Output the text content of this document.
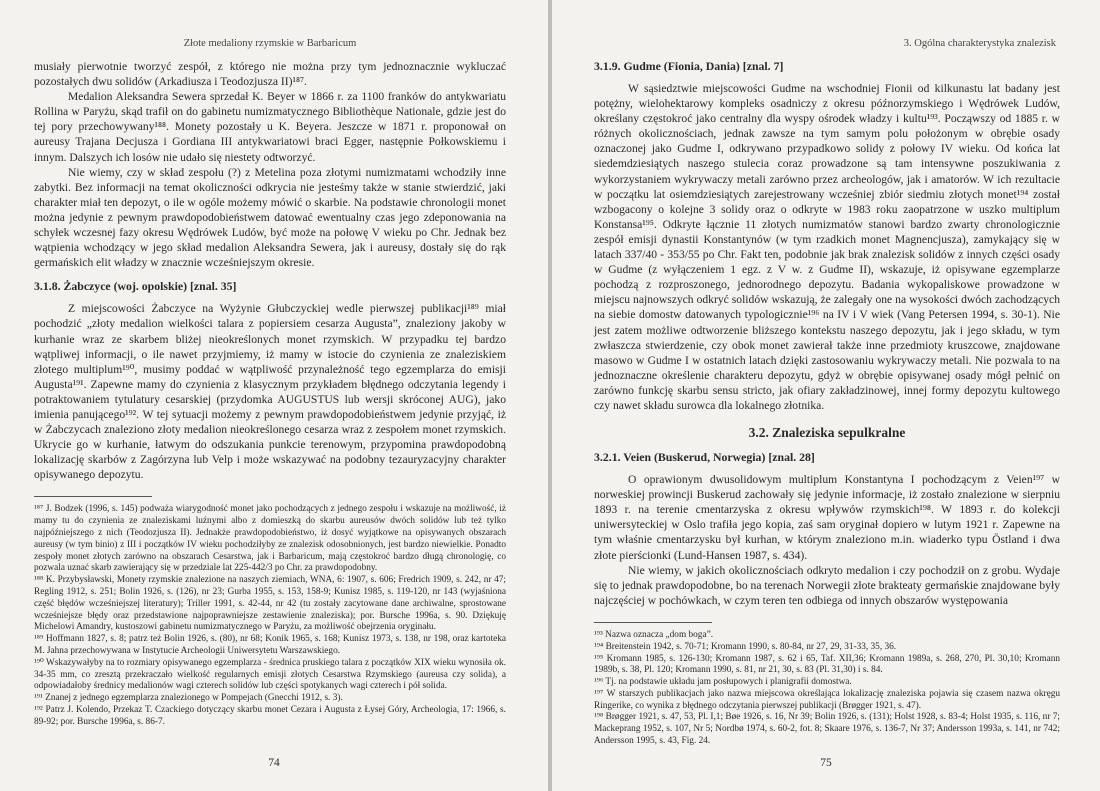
Złote medaliony rzymskie w Barbaricum

musiały pierwotnie tworzyć zespół, z którego nie można przy tym jednoznacznie wykluczać pozostałych dwu solidów (Arkadiusza i Teodozjusza II)¹⁸⁷.

Medalion Aleksandra Sewera sprzedał K. Beyer w 1866 r. za 1100 franków do antykwariatu Rollina w Paryżu, skąd trafił on do gabinetu numizmatycznego Bibliothèque Nationale, gdzie jest do tej pory przechowywany¹⁸⁸. Monety pozostały u K. Beyera. Jeszcze w 1871 r. proponował on aureusy Trajana Decjusza i Gordiana III antykwariatowi braci Egger, następnie Połkowskiemu i innym. Dalszych ich losów nie udało się niestety odtworzyć.

Nie wiemy, czy w skład zespołu (?) z Metelina poza złotymi numizmatami wchodziły inne zabytki. Bez informacji na temat okoliczności odkrycia nie jesteśmy także w stanie stwierdzić, jaki charakter miał ten depozyt, o ile w ogóle możemy mówić o skarbie. Na podstawie chronologii monet można jedynie z pewnym prawdopodobieństwem datować ewentualny czas jego zdeponowania na schyłek wczesnej fazy okresu Wędrówek Ludów, być może na połowę V wieku po Chr. Jednak bez wątpienia wchodzący w jego skład medalion Aleksandra Sewera, jak i aureusy, dostały się do rąk germańskich elit władzy w znacznie wcześniejszym okresie.

3.1.8. Żabczyce (woj. opolskie) [znal. 35]

Z miejscowości Żabczyce na Wyżynie Głubczyckiej wedle pierwszej publikacji¹⁸⁹ miał pochodzić „złoty medalion wielkości talara z popiersiem cesarza Augusta”, znaleziony jakoby w kurhanie wraz ze skarbem bliżej nieokreślonych monet rzymskich. W przypadku tej bardzo wątpliwej informacji, o ile nawet przyjmiemy, iż mamy w istocie do czynienia ze znaleziskiem złotego multiplum¹⁹⁰, musimy poddać w wątpliwość przynależność tego egzemplarza do emisji Augusta¹⁹¹. Zapewne mamy do czynienia z klasycznym przykładem błędnego odczytania legendy i potraktowaniem tytulatury cesarskiej (przydomka AUGUSTUS lub wersji skróconej AUG), jako imienia panującego¹⁹². W tej sytuacji możemy z pewnym prawdopodobieństwem jedynie przyjąć, iż w Żabczycach znaleziono złoty medalion nieokreślonego cesarza wraz z zespołem monet rzymskich. Ukrycie go w kurhanie, łatwym do odszukania punkcie terenowym, przypomina prawdopodobną lokalizację skarbów z Zagórzyna lub Velp i może wskazywać na podobny tezauryzacyjny charakter opisywanego depozytu.

¹⁸⁷ J. Bodzek (1996, s. 145) podważa wiarygodność monet jako pochodzących z jednego zespołu i wskazuje na możliwość, iż mamy tu do czynienia ze znaleziskami luźnymi albo z domieszką do skarbu aureusów dwóch solidów lub też tylko najpóźniejszego z nich (Teodozjusza II). Jednakże prawdopodobieństwo, iż dosyć wyjątkowe na opisywanych obszarach aureusy (w tym binio) z III i początków IV wieku pochodziłyby ze znalezisk odosobnionych, jest bardzo niewielkie. Ponadto zespoły monet złotych zarówno na obszarach Cesarstwa, jak i Barbaricum, mają częstokroć bardzo długą chronologię, co pozwala uznać skarb zawierający się w przedziale lat 225-442/3 po Chr. za prawdopodobny.

¹⁸⁸ K. Przybysławski, Monety rzymskie znalezione na naszych ziemiach, WNA, 6: 1907, s. 606; Fredrich 1909, s. 242, nr 47; Regling 1912, s. 251; Bolin 1926, s. (126), nr 23; Gurba 1955, s. 153, 158-9; Kunisz 1985, s. 119-120, nr 143 (wyjaśniona część błędów wcześniejszej literatury); Triller 1991, s. 42-44, nr 42 (tu zostały zacytowane dane archiwalne, sprostowane wcześniejsze błędy oraz przedstawione najpoprawniejsze zestawienie znaleziska); por. Bursche 1996a, s. 90. Dziękuję Michelowi Amandry, kustoszowi gabinetu numizmatycznego w Paryżu, za możliwość obejrzenia oryginału.

¹⁸⁹ Hoffmann 1827, s. 8; patrz też Bolin 1926, s. (80), nr 68; Konik 1965, s. 168; Kunisz 1973, s. 138, nr 198, oraz kartoteka M. Jahna przechowywana w Instytucie Archeologii Uniwersytetu Warszawskiego.

¹⁹⁰ Wskazywałyby na to rozmiary opisywanego egzemplarza - średnica pruskiego talara z początków XIX wieku wynosiła ok. 34-35 mm, co zresztą przekraczało wielkość regularnych emisji złotych Cesarstwa Rzymskiego (aureusa czy solida), a odpowiadałoby średnicy medalionów wagi czterech solidów lub części spotykanych wagi czterech i pół solida.

¹⁹¹ Znanej z jednego egzemplarza znalezionego w Pompejach (Gnecchi 1912, s. 3).

¹⁹² Patrz J. Kolendo, Przekaz T. Czackiego dotyczący skarbu monet Cezara i Augusta z Łysej Góry, Archeologia, 17: 1966, s. 89-92; por. Bursche 1996a, s. 86-7.

74
3. Ogólna charakterystyka znalezisk
3.1.9. Gudme (Fionia, Dania) [znal. 7]

W sąsiedztwie miejscowości Gudme na wschodniej Fionii od kilkunastu lat badany jest potężny, wielohektarowy kompleks osadniczy z okresu późnorzymskiego i Wędrówek Ludów, określany częstokroć jako centralny dla wyspy ośrodek władzy i kultu¹⁹³. Począwszy od 1885 r. w różnych okolicznościach, jednak zawsze na tym samym polu położonym w obrębie osady oznaczonej jako Gudme I, odkrywano przypadkowo solidy z połowy IV wieku. Od końca lat siedemdziesiątych naszego stulecia coraz prowadzone są tam intensywne poszukiwania z wykorzystaniem wykrywaczy metali zarówno przez archeologów, jak i amatorów. W ich rezultacie w początku lat osiemdziesiątych zarejestrowany wcześniej zbiór siedmiu złotych monet¹⁹⁴ został wzbogacony o kolejne 3 solidy oraz o odkryte w 1983 roku zaopatrzone w uszko multiplum Konstansa¹⁹⁵. Odkryte łącznie 11 złotych numizmatów stanowi bardzo zwarty chronologicznie zespół emisji dynastii Konstantynów (w tym rzadkich monet Magnencjusza), zamykający się w latach 337/40 - 353/55 po Chr. Fakt ten, podobnie jak brak znalezisk solidów z innych części osady w Gudme (z wyłączeniem 1 egz. z V w. z Gudme II), wskazuje, iż opisywane egzemplarze pochodzą z rozproszonego, jednorodnego depozytu. Badania wykopaliskowe prowadzone w miejscu najnowszych odkryć solidów wskazują, że zalegały one na wysokości dwóch zachodzących na siebie domostw datowanych typologicznie¹⁹⁶ na IV i V wiek (Vang Petersen 1994, s. 30-1). Nie jest zatem możliwe odtworzenie bliższego kontekstu naszego depozytu, jak i jego składu, w tym zwłaszcza stwierdzenie, czy obok monet zawierał także inne przedmioty kruszcowe, znajdowane masowo w Gudme I w ostatnich latach dzięki zastosowaniu wykrywaczy metali. Nie pozwala to na jednoznaczne określenie charakteru depozytu, gdyż w obrębie opisywanej osady mógł pełnić on zarówno funkcję skarbu sensu stricto, jak ofiary zakładzinowej, innej formy depozytu kultowego czy nawet składu surowca dla lokalnego złotnika.

3.2. Znaleziska sepulkralne
3.2.1. Veien (Buskerud, Norwegia) [znal. 28]

O oprawionym dwusolidowym multiplum Konstantyna I pochodzącym z Veien¹⁹⁷ w norweskiej prowincji Buskerud zachowały się jedynie informacje, iż zostało znalezione w sierpniu 1893 r. na terenie cmentarzyska z okresu wpływów rzymskich¹⁹⁸. W 1893 r. do kolekcji uniwersyteckiej w Oslo trafiła jego kopia, zaś sam oryginał dopiero w lutym 1921 r. Zapewne na tym właśnie cmentarzysku był kurhan, w którym znaleziono m.in. wiaderko typu Östland i dwa złote pierścionki (Lund-Hansen 1987, s. 434).

Nie wiemy, w jakich okolicznościach odkryto medalion i czy pochodził on z grobu. Wydaje się to jednak prawdopodobne, bo na terenach Norwegii złote brakteaty germańskie znajdowane były najczęściej w pochówkach, w czym teren ten odbiega od innych obszarów występowania

¹⁹³ Nazwa oznacza „dom boga”.

¹⁹⁴ Breitenstein 1942, s. 70-71; Kromann 1990, s. 80-84, nr 27, 29, 31-33, 35, 36.

¹⁹⁵ Kromann 1985, s. 126-130; Kromann 1987, s. 62 i 65, Taf. XII,36; Kromann 1989a, s. 268, 270, Pl. 30,10; Kromann 1989b, s. 38, Pl. 120; Kromann 1990, s. 81, nr 21, 30, s. 83 (Pl. 31,30) i s. 84.

¹⁹⁶ Tj. na podstawie układu jam posłupowych i planigrafii domostwa.

¹⁹⁷ W starszych publikacjach jako nazwa miejscowa określająca lokalizację znaleziska pojawia się czasem nazwa okręgu Ringerike, co wynika z błędnego odczytania pierwszej publikacji (Brøgger 1921, s. 47).

¹⁹⁸ Brøgger 1921, s. 47, 53, Pl. I,1; Bøe 1926, s. 16, Nr 39; Bolin 1926, s. (131); Holst 1928, s. 83-4; Holst 1935, s. 116, nr 7; Mackeprang 1952, s. 107, Nr 5; Nordbø 1974, s. 60-2, fot. 8; Skaare 1976, s. 136-7, Nr 37; Andersson 1993a, s. 141, nr 742; Andersson 1995, s. 43, Fig. 24.

75
